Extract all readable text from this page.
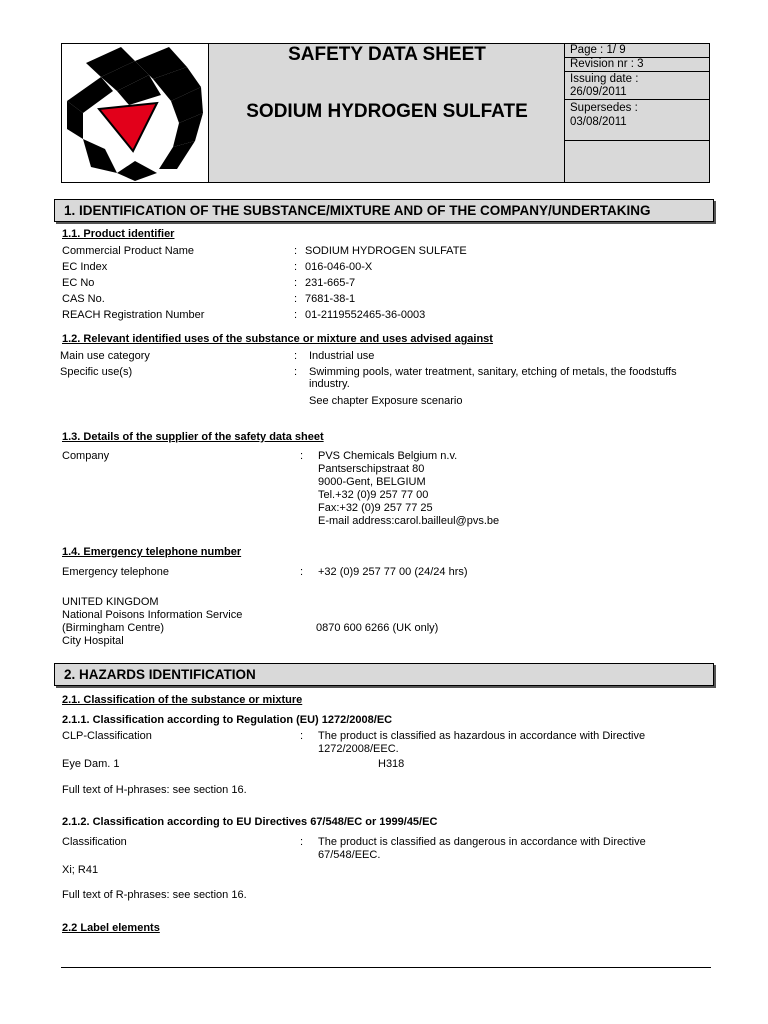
SAFETY DATA SHEET
SODIUM HYDROGEN SULFATE
Page : 1/ 9
Revision nr : 3
Issuing date :
26/09/2011
Supersedes :
03/08/2011
1. IDENTIFICATION OF THE SUBSTANCE/MIXTURE AND OF THE COMPANY/UNDERTAKING
1.1. Product identifier
Commercial Product Name	: SODIUM HYDROGEN SULFATE
EC Index	: 016-046-00-X
EC No	: 231-665-7
CAS No.	: 7681-38-1
REACH Registration Number	: 01-2119552465-36-0003
1.2. Relevant identified uses of the substance or mixture and uses advised against
Main use category	: Industrial use
Specific use(s)	: Swimming pools, water treatment, sanitary, etching of metals, the foodstuffs
industry.
See chapter Exposure scenario
1.3. Details of the supplier of the safety data sheet
Company	: PVS Chemicals Belgium n.v.
Pantserschipstraat 80
9000-Gent, BELGIUM
Tel.+32 (0)9 257 77 00
Fax:+32 (0)9 257 77 25
E-mail address:carol.bailleul@pvs.be
1.4. Emergency telephone number
Emergency telephone	: +32 (0)9 257 77 00 (24/24 hrs)
UNITED KINGDOM
National Poisons Information Service
(Birmingham Centre)
City Hospital
0870 600 6266 (UK only)
2. HAZARDS IDENTIFICATION
2.1. Classification of the substance or mixture
2.1.1. Classification according to Regulation (EU) 1272/2008/EC
CLP-Classification	: The product is classified as hazardous in accordance with Directive
1272/2008/EEC.
Eye Dam. 1	H318
Full text of H-phrases: see section 16.
2.1.2. Classification according to EU Directives 67/548/EC or 1999/45/EC
Classification	: The product is classified as dangerous in accordance with Directive
67/548/EEC.
Xi; R41
Full text of R-phrases: see section 16.
2.2 Label elements
